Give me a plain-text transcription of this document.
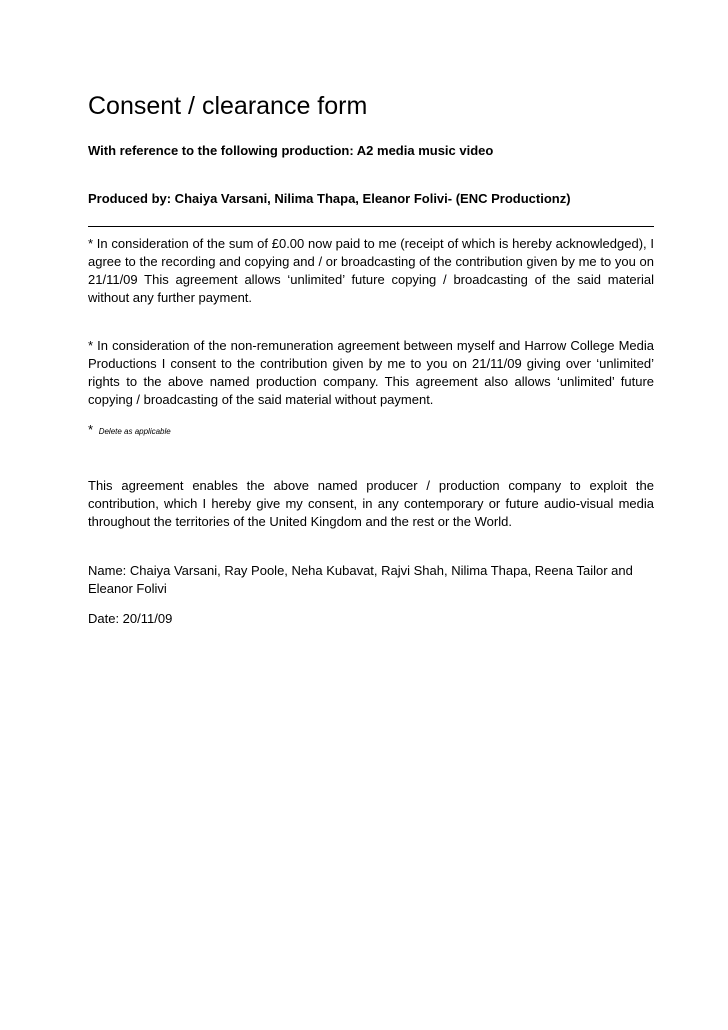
Consent / clearance form

With reference to the following production: A2 media music video

Produced by: Chaiya Varsani, Nilima Thapa, Eleanor Folivi- (ENC Productionz)

* In consideration of the sum of £0.00 now paid to me (receipt of which is hereby acknowledged), I agree to the recording and copying and / or broadcasting of the contribution given by me to you on 21/11/09 This agreement allows ‘unlimited’ future copying / broadcasting of the said material without any further payment.

* In consideration of the non-remuneration agreement between myself and Harrow College Media Productions I consent to the contribution given by me to you on 21/11/09 giving over ‘unlimited’ rights to the above named production company. This agreement also allows ‘unlimited’ future copying / broadcasting of the said material without payment.

* Delete as applicable

This agreement enables the above named producer / production company to exploit the contribution, which I hereby give my consent, in any contemporary or future audio-visual media throughout the territories of the United Kingdom and the rest or the World.

Name: Chaiya Varsani, Ray Poole, Neha Kubavat, Rajvi Shah, Nilima Thapa, Reena Tailor and Eleanor Folivi

Date: 20/11/09
